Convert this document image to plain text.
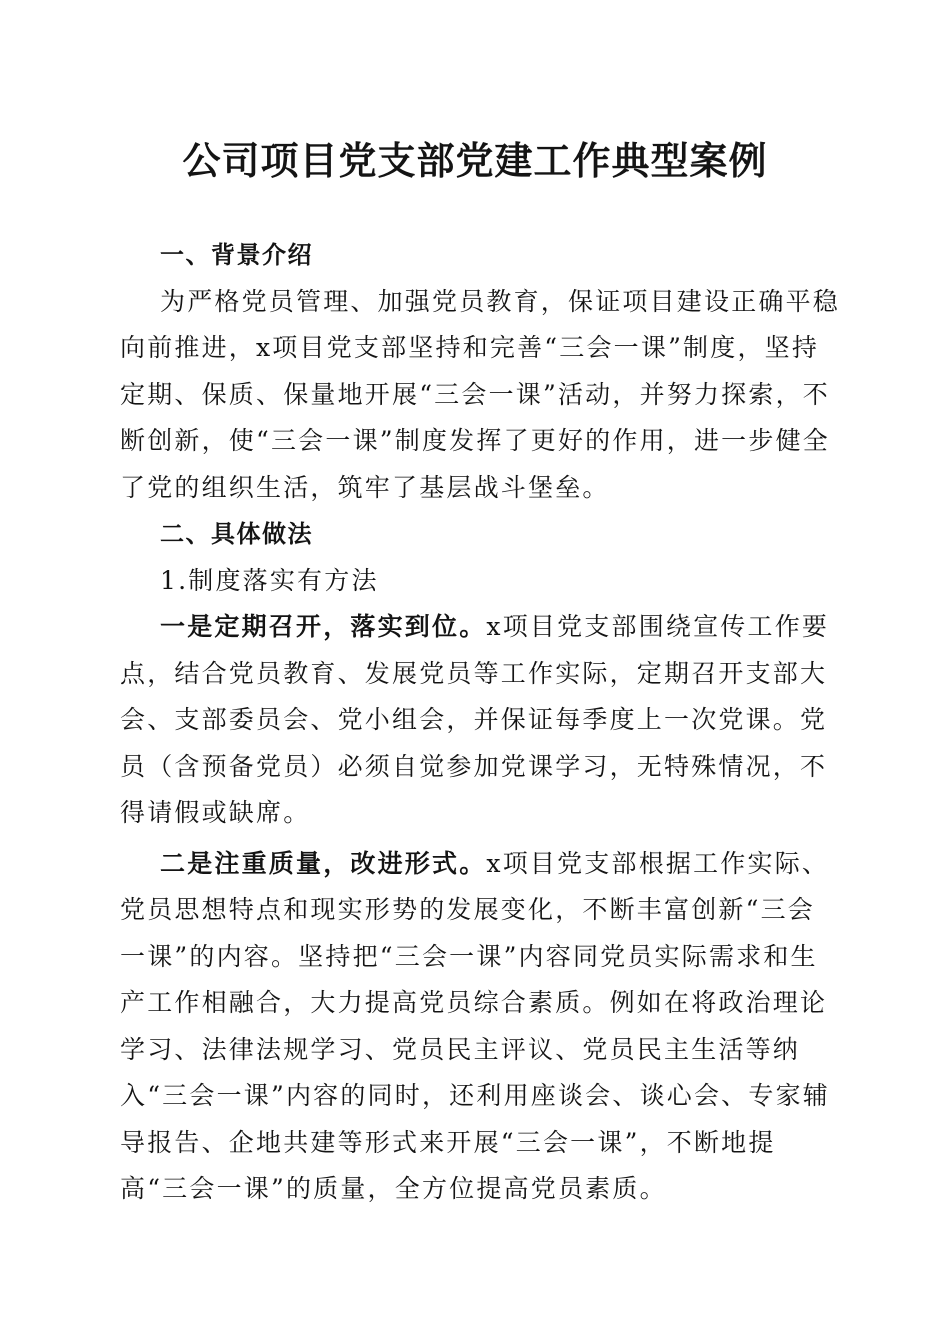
公司项目党支部党建工作典型案例
一、背景介绍

为严格党员管理、加强党员教育，保证项目建设正确平稳向前推进，x项目党支部坚持和完善“三会一课”制度，坚持定期、保质、保量地开展“三会一课”活动，并努力探索，不断创新，使“三会一课”制度发挥了更好的作用，进一步健全了党的组织生活，筑牢了基层战斗堡垒。

二、具体做法

1.制度落实有方法

一是定期召开，落实到位。x项目党支部围绕宣传工作要点，结合党员教育、发展党员等工作实际，定期召开支部大会、支部委员会、党小组会，并保证每季度上一次党课。党员（含预备党员）必须自觉参加党课学习，无特殊情况，不得请假或缺席。

二是注重质量，改进形式。x项目党支部根据工作实际、党员思想特点和现实形势的发展变化，不断丰富创新“三会一课”的内容。坚持把“三会一课”内容同党员实际需求和生产工作相融合，大力提高党员综合素质。例如在将政治理论学习、法律法规学习、党员民主评议、党员民主生活等纳入“三会一课”内容的同时，还利用座谈会、谈心会、专家辅导报告、企地共建等形式来开展“三会一课”，不断地提高“三会一课”的质量，全方位提高党员素质。
